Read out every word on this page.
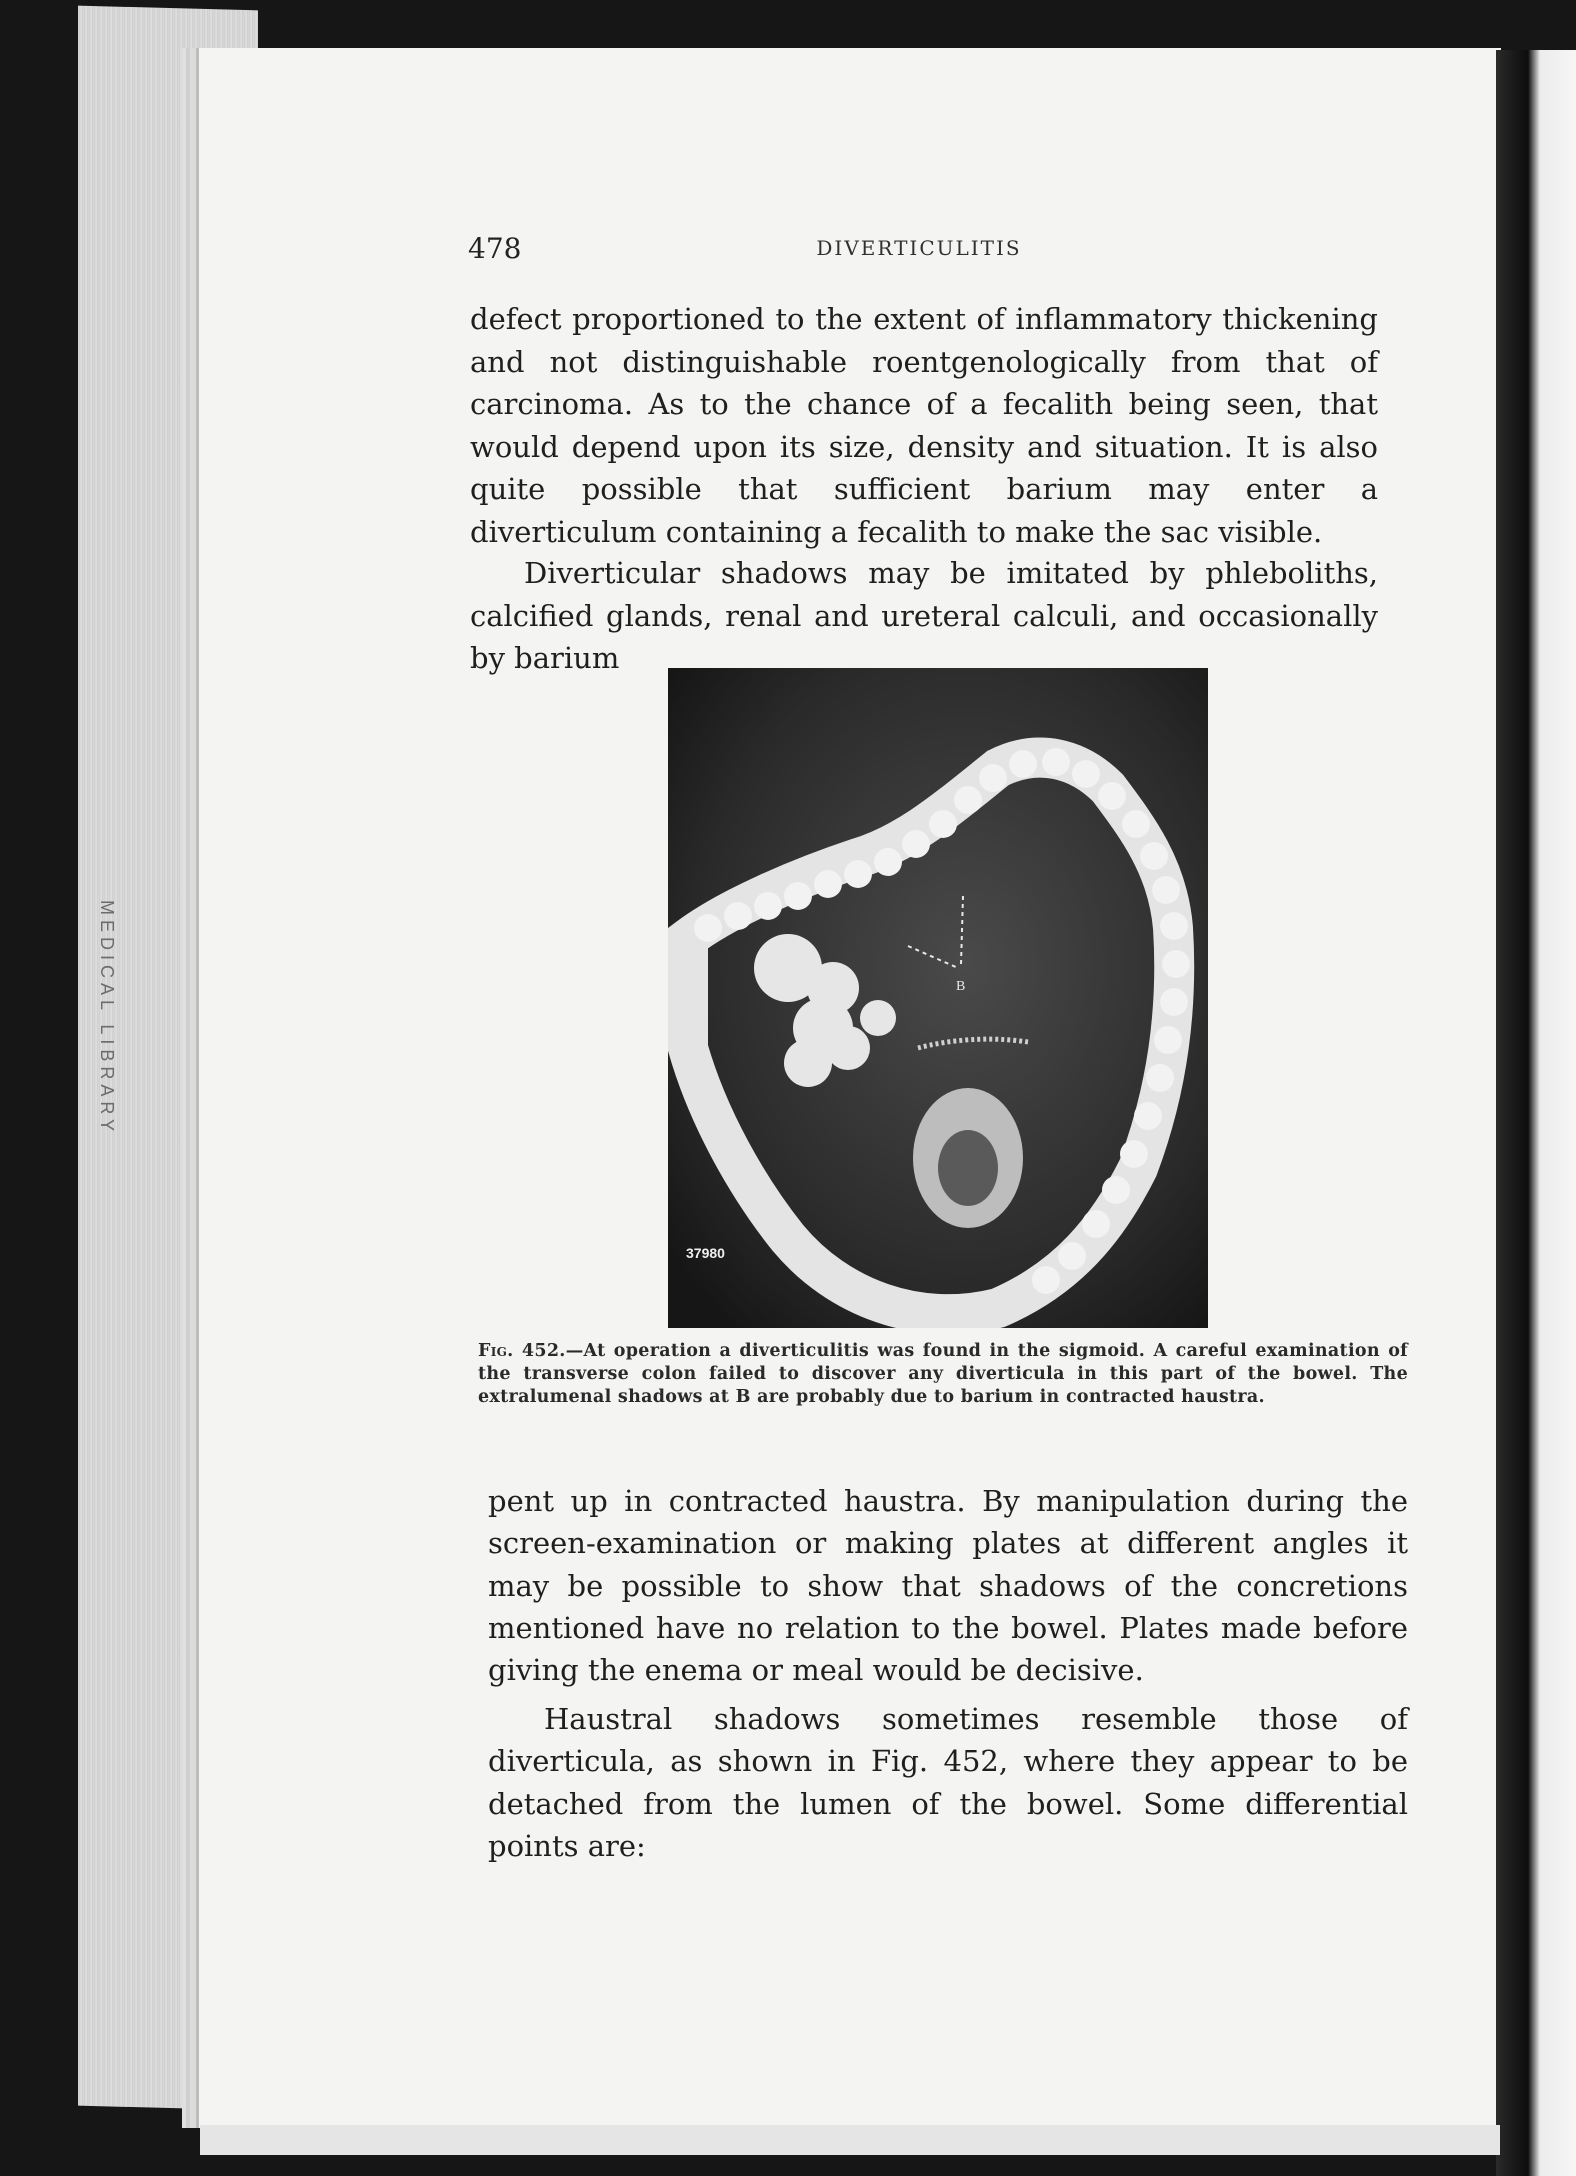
MEDICAL LIBRARY
478	DIVERTICULITIS

defect proportioned to the extent of inflammatory thickening and not distinguishable roentgenologically from that of carcinoma. As to the chance of a fecalith being seen, that would depend upon its size, density and situation. It is also quite possible that sufficient barium may enter a diverticulum containing a fecalith to make the sac visible.

Diverticular shadows may be imitated by phleboliths, calcified glands, renal and ureteral calculi, and occasionally by barium

B
37980

Fig. 452.—At operation a diverticulitis was found in the sigmoid. A careful examination of the transverse colon failed to discover any diverticula in this part of the bowel. The extralumenal shadows at B are probably due to barium in contracted haustra.

pent up in contracted haustra. By manipulation during the screen-examination or making plates at different angles it may be possible to show that shadows of the concretions mentioned have no relation to the bowel. Plates made before giving the enema or meal would be decisive.

Haustral shadows sometimes resemble those of diverticula, as shown in Fig. 452, where they appear to be detached from the lumen of the bowel. Some differential points are:
